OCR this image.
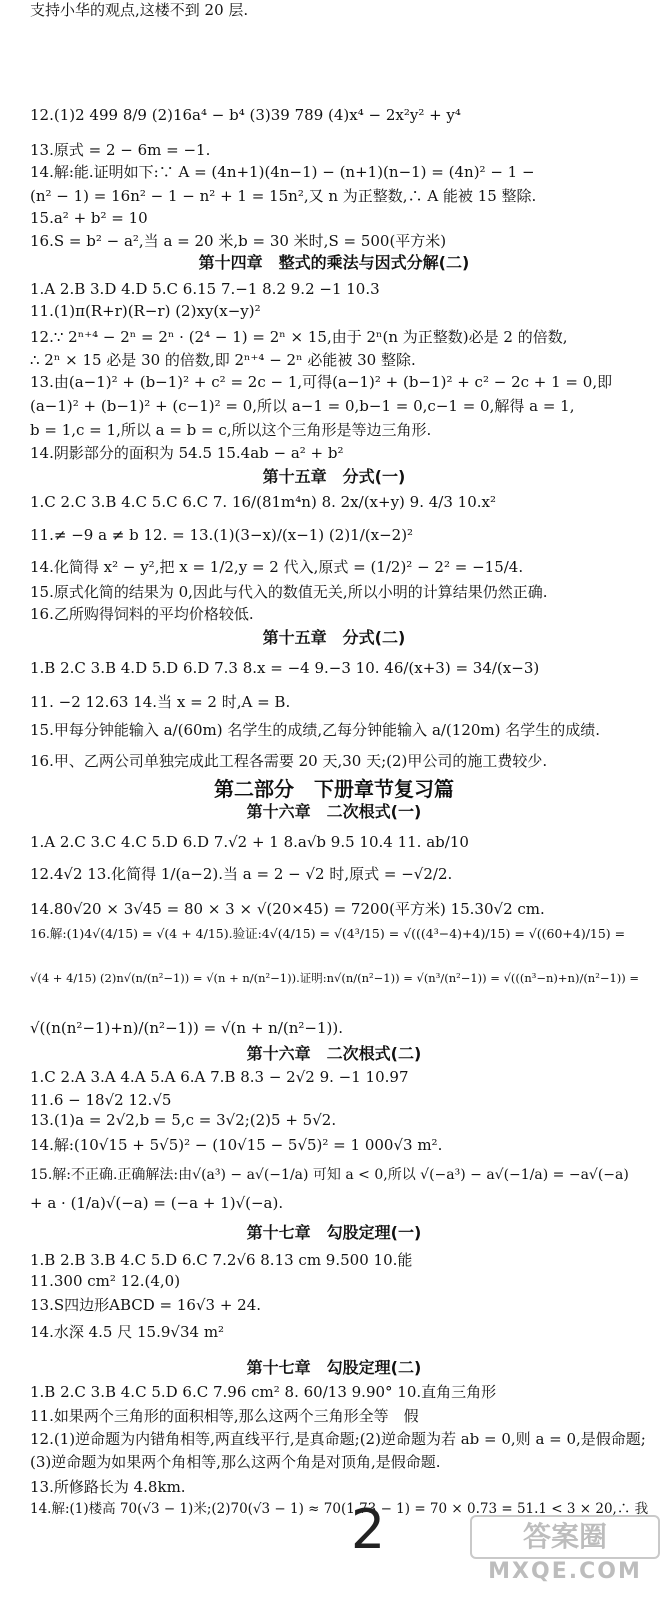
12.(1)2 499 8/9 (2)16a⁴ − b⁴ (3)39 789 (4)x⁴ − 2x²y² + y⁴
13.原式 = 2 − 6m = −1.
14.解:能.证明如下:∵ A = (4n+1)(4n−1) − (n+1)(n−1) = (4n)² − 1 −
(n² − 1) = 16n² − 1 − n² + 1 = 15n²,又 n 为正整数,∴ A 能被 15 整除.
15.a² + b² = 10
16.S = b² − a²,当 a = 20 米,b = 30 米时,S = 500(平方米)
第十四章　整式的乘法与因式分解(二)
1.A 2.B 3.D 4.D 5.C 6.15 7.−1 8.2 9.2 −1 10.3
11.(1)π(R+r)(R−r) (2)xy(x−y)²
12.∵ 2ⁿ⁺⁴ − 2ⁿ = 2ⁿ · (2⁴ − 1) = 2ⁿ × 15,由于 2ⁿ(n 为正整数)必是 2 的倍数,
∴ 2ⁿ × 15 必是 30 的倍数,即 2ⁿ⁺⁴ − 2ⁿ 必能被 30 整除.
13.由(a−1)² + (b−1)² + c² = 2c − 1,可得(a−1)² + (b−1)² + c² − 2c + 1 = 0,即
(a−1)² + (b−1)² + (c−1)² = 0,所以 a−1 = 0,b−1 = 0,c−1 = 0,解得 a = 1,
b = 1,c = 1,所以 a = b = c,所以这个三角形是等边三角形.
14.阴影部分的面积为 54.5 15.4ab − a² + b²
第十五章　分式(一)
1.C 2.C 3.B 4.C 5.C 6.C 7. 16/(81m⁴n) 8. 2x/(x+y) 9. 4/3 10.x²
11.≠ −9 a ≠ b 12. = 13.(1)(3−x)/(x−1) (2)1/(x−2)²
14.化简得 x² − y²,把 x = 1/2,y = 2 代入,原式 = (1/2)² − 2² = −15/4.
15.原式化简的结果为 0,因此与代入的数值无关,所以小明的计算结果仍然正确.
16.乙所购得饲料的平均价格较低.
第十五章　分式(二)
1.B 2.C 3.B 4.D 5.D 6.D 7.3 8.x = −4 9.−3 10. 46/(x+3) = 34/(x−3)
11. −2 12.63 14.当 x = 2 时,A = B.
15.甲每分钟能输入 a/(60m) 名学生的成绩,乙每分钟能输入 a/(120m) 名学生的成绩.
16.甲、乙两公司单独完成此工程各需要 20 天,30 天;(2)甲公司的施工费较少.
第二部分　下册章节复习篇
第十六章　二次根式(一)
1.A 2.C 3.C 4.C 5.D 6.D 7.√2 + 1 8.a√b 9.5 10.4 11. ab/10
12.4√2 13.化简得 1/(a−2).当 a = 2 − √2 时,原式 = −√2/2.
14.80√20 × 3√45 = 80 × 3 × √(20×45) = 7200(平方米) 15.30√2 cm.
16.解:(1)4√(4/15) = √(4 + 4/15).验证:4√(4/15) = √(4³/15) = √(((4³−4)+4)/15) = √((60+4)/15) =
√(4 + 4/15) (2)n√(n/(n²−1)) = √(n + n/(n²−1)).证明:n√(n/(n²−1)) = √(n³/(n²−1)) = √(((n³−n)+n)/(n²−1)) =
√((n(n²−1)+n)/(n²−1)) = √(n + n/(n²−1)).
第十六章　二次根式(二)
1.C 2.A 3.A 4.A 5.A 6.A 7.B 8.3 − 2√2 9. −1 10.97
11.6 − 18√2 12.√5
13.(1)a = 2√2,b = 5,c = 3√2;(2)5 + 5√2.
14.解:(10√15 + 5√5)² − (10√15 − 5√5)² = 1 000√3 m².
15.解:不正确.正确解法:由√(a³) − a√(−1/a) 可知 a < 0,所以 √(−a³) − a√(−1/a) = −a√(−a)
+ a · (1/a)√(−a) = (−a + 1)√(−a).
第十七章　勾股定理(一)
1.B 2.B 3.B 4.C 5.D 6.C 7.2√6 8.13 cm 9.500 10.能
11.300 cm² 12.(4,0)
13.S四边形ABCD = 16√3 + 24.
14.水深 4.5 尺 15.9√34 m²
第十七章　勾股定理(二)
1.B 2.C 3.B 4.C 5.D 6.C 7.96 cm² 8. 60/13 9.90° 10.直角三角形
11.如果两个三角形的面积相等,那么这两个三角形全等　假
12.(1)逆命题为内错角相等,两直线平行,是真命题;(2)逆命题为若 ab = 0,则 a = 0,是假命题;
(3)逆命题为如果两个角相等,那么这两个角是对顶角,是假命题.
13.所修路长为 4.8km.
14.解:(1)楼高 70(√3 − 1)米;(2)70(√3 − 1) ≈ 70(1.73 − 1) = 70 × 0.73 = 51.1 < 3 × 20,∴ 我
支持小华的观点,这楼不到 20 层.
2	答案圈
MXQE.COM
